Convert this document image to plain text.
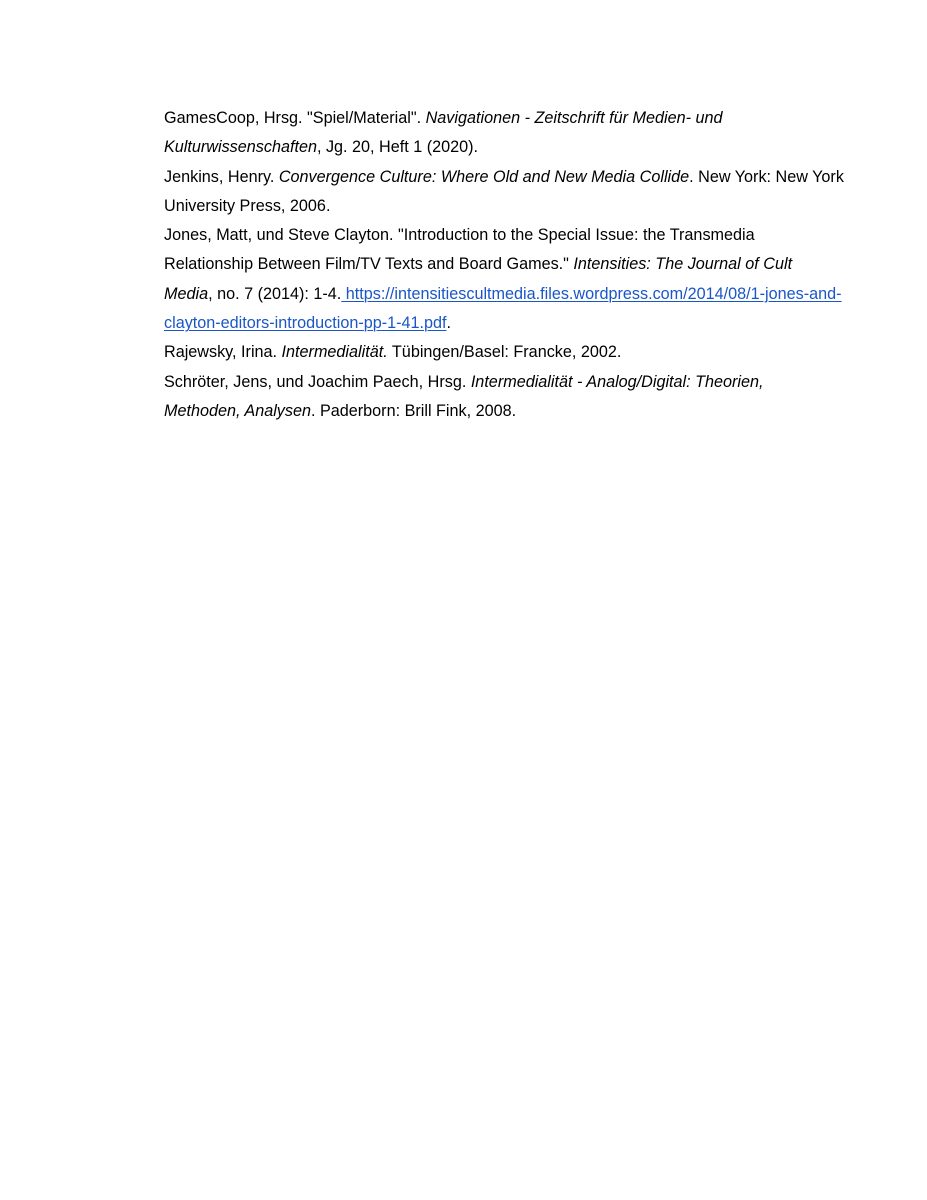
GamesCoop, Hrsg. "Spiel/Material". Navigationen - Zeitschrift für Medien- und Kulturwissenschaften, Jg. 20, Heft 1 (2020).

Jenkins, Henry. Convergence Culture: Where Old and New Media Collide. New York: New York University Press, 2006.

Jones, Matt, und Steve Clayton. "Introduction to the Special Issue: the Transmedia Relationship Between Film/TV Texts and Board Games." Intensities: The Journal of Cult Media, no. 7 (2014): 1-4. https://intensitiescultmedia.files.wordpress.com/2014/08/1-jones-and-clayton-editors-introduction-pp-1-41.pdf.

Rajewsky, Irina. Intermedialität. Tübingen/Basel: Francke, 2002.

Schröter, Jens, und Joachim Paech, Hrsg. Intermedialität - Analog/Digital: Theorien, Methoden, Analysen. Paderborn: Brill Fink, 2008.
